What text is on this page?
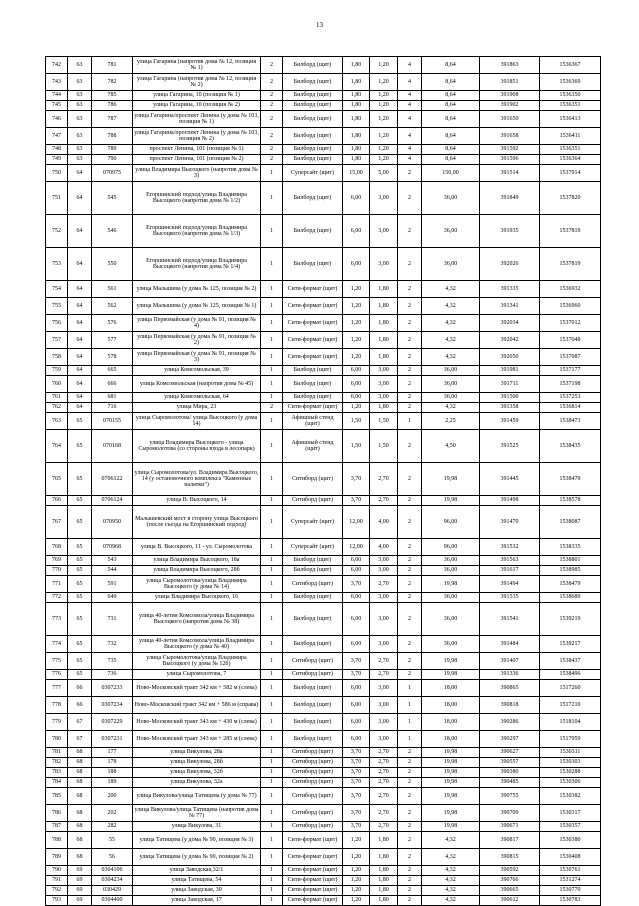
13
742	63	781	улица Гагарина (напротив дома № 12, позиция № 1)	2	Билборд (щит)	1,80	1,20	4	8,64	391863	1536367
743	63	782	улица Гагарина (напротив дома № 12, позиция № 2)	2	Билборд (щит)	1,80	1,20	4	8,64	391851	1536369
744	63	785	улица Гагарина, 10 (позиция № 1)	2	Билборд (щит)	1,80	1,20	4	8,64	391908	1536350
745	63	786	улица Гагарина, 10 (позиция № 2)	2	Билборд (щит)	1,80	1,20	4	8,64	391902	1536351
746	63	787	улица Гагарина/проспект Ленина (у дома № 103, позиция № 1)	2	Билборд (щит)	1,80	1,20	4	8,64	391650	1536413
747	63	788	улица Гагарина/проспект Ленина (у дома № 103, позиция № 2)	2	Билборд (щит)	1,80	1,20	4	8,64	391658	1536411
748	63	789	проспект Ленина, 101 (позиция № 1)	2	Билборд (щит)	1,80	1,20	4	8,64	391592	1536351
749	63	790	проспект Ленина, 101 (позиция № 2)	2	Билборд (щит)	1,80	1,20	4	8,64	391596	1536364
750	64	070975	улица Владимира Высоцкого (напротив дома № 3)	1	Суперсайт (щит)	15,00	5,00	2	150,00	391514	1537914
751	64	545	Егоршинский подход/улица Владимира Высоцкого (напротив дома № 1/2)	1	Билборд (щит)	6,00	3,00	2	36,00	391849	1537820
752	64	546	Егоршинский подход/улица Владимира Высоцкого (напротив дома № 1/3)	1	Билборд (щит)	6,00	3,00	2	36,00	391935	1537819
753	64	550	Егоршинский подход/улица Владимира Высоцкого (напротив дома № 1/4)	1	Билборд (щит)	6,00	3,00	2	36,00	392026	1537819
754	64	561	улица Малышева (у дома № 125, позиция № 2)	1	Сити-формат (щит)	1,20	1,80	2	4,32	391335	1536932
755	64	562	улица Малышева (у дома № 125, позиция № 1)	1	Сити-формат (щит)	1,20	1,80	2	4,32	391341	1536960
756	64	576	улица Первомайская (у дома № 91, позиция № 4)	1	Сити-формат (щит)	1,20	1,80	2	4,32	392034	1537012
757	64	577	улица Первомайская (у дома № 91, позиция № 2)	1	Сити-формат (щит)	1,20	1,80	2	4,32	392042	1537048
758	64	578	улица Первомайская (у дома № 91, позиция № 3)	1	Сити-формат (щит)	1,20	1,80	2	4,32	392050	1537087
759	64	665	улица Комсомольская, 39	1	Билборд (щит)	6,00	3,00	2	36,00	391981	1537177
760	64	666	улица Комсомольская (напротив дома № 45)	1	Билборд (щит)	6,00	3,00	2	36,00	391711	1537198
761	64	681	улица Комсомольская, 64	1	Билборд (щит)	6,00	3,00	2	36,00	391500	1537253
762	64	716	улица Мира, 23	2	Сити-формат (щит)	1,20	1,80	2	4,32	391358	1536814
763	65	070155	улица Сыромолотова/ улица Высоцкого (у дома 14)	1	Афишный стенд (щит)	1,50	1,50	1	2,25	391459	1538473
764	65	070168	улица Владимира Высоцкого - улица Сыромолотова (со стороны входа в лесопарк)	1	Афишный стенд (щит)	1,50	1,50	2	4,50	391525	1538435
765	65	0706122	улица Сыромолотова/ул. Владимира Высоцкого, 14 (у остановочного комплекса "Каменные палатки")	1	Ситиборд (щит)	3,70	2,70	2	19,98	391445	1538479
766	65	0706124	улица В. Высоцкого, 14	1	Ситиборд (щит)	3,70	2,70	2	19,98	391498	1538578
767	65	070950	Малышевский мост в сторону улица Высоцкого (после съезда на Егоршинский подход)	1	Суперсайт (щит)	12,00	4,00	2	96,00	391470	1538087
768	65	070968	улица В. Высоцкого, 11 - ул. Сыромолотова	1	Суперсайт (щит)	12,00	4,00	2	96,00	391532	1538335
769	65	543	улица Владимира Высоцкого, 18а	1	Билборд (щит)	6,00	3,00	2	36,00	391563	1538801
770	65	544	улица Владимира Высоцкого, 28б	1	Билборд (щит)	6,00	3,00	2	36,00	391617	1538985
771	65	591	улица Сыромолотова/улица Владимира Высоцкого (у дома № 14)	1	Ситиборд (щит)	3,70	2,70	2	19,98	391494	1538479
772	65	649	улица Владимира Высоцкого, 16	1	Билборд (щит)	6,00	3,00	2	36,00	391535	1538689
773	65	731	улица 40-летия Комсомола/улица Владимира Высоцкого (напротив дома № 38)	1	Билборд (щит)	6,00	3,00	2	36,00	391541	1539219
774	65	732	улица 40-летия Комсомола/улица Владимира Высоцкого (у дома № 40)	1	Билборд (щит)	6,00	3,00	2	36,00	391484	1539217
775	65	735	улица Сыромолотова/улица Владимира Высоцкого (у дома № 12б)	1	Ситиборд (щит)	3,70	2,70	2	19,98	391407	1538437
776	65	736	улица Сыромолотова, 7	1	Ситиборд (щит)	3,70	2,70	2	19,98	391336	1538496
777	66	0307233	Ново-Московский тракт 342 км + 582 м (слева)	1	Билборд (щит)	6,00	3,00	1	18,00	390865	1517260
778	66	0307234	Ново-Московский тракт 342 км + 586 м (справа)	1	Билборд (щит)	6,00	3,00	1	18,00	390818	1517210
779	67	0307229	Ново-Московский тракт 343 км + 430 м (слева)	1	Билборд (щит)	6,00	3,00	1	18,00	390286	1518104
780	67	0307231	Ново-Московский тракт 343 км + 285 м (слева)	1	Билборд (щит)	6,00	3,00	1	18,00	390297	1517959
781	68	177	улица Викулова, 28а	1	Ситиборд (щит)	3,70	2,70	2	19,98	390627	1530311
782	68	178	улица Викулова, 28б	1	Ситиборд (щит)	3,70	2,70	2	19,98	390557	1530303
783	68	188	улица Викулова, 32б	1	Ситиборд (щит)	3,70	2,70	2	19,98	390380	1530288
784	68	189	улица Викулова, 32а	1	Ситиборд (щит)	3,70	2,70	2	19,98	390485	1530306
785	68	200	улица Викулова/улица Татищева (у дома № 77)	1	Ситиборд (щит)	3,70	2,70	2	19,98	390755	1530382
786	68	202	улица Викулова/улица Татищева (напротив дома № 77)	1	Ситиборд (щит)	3,70	2,70	2	19,98	390709	1530317
787	68	282	улица Викулова, 31	1	Ситиборд (щит)	3,70	2,70	2	19,98	390671	1530357
788	68	55	улица Татищева (у дома № 90, позиция № 3)	1	Сити-формат (щит)	1,20	1,80	2	4,32	390817	1530380
789	68	56	улица Татищева (у дома № 90, позиция № 2)	1	Сити-формат (щит)	1,20	1,80	2	4,32	390815	1530408
790	69	0304106	улица Заводская,32/1	1	Сити-формат (щит)	1,20	1,80	2	4,32	390592	1530761
791	69	0304234	улица Татищева, 54	1	Сити-формат (щит)	1,20	1,80	2	4,32	390766	1531274
792	69	030429	улица Заводская, 30	1	Сити-формат (щит)	1,20	1,80	2	4,32	390665	1530770
793	69	0304400	улица Заводская, 17	1	Сити-формат (щит)	1,20	1,80	2	4,32	390612	1530783
